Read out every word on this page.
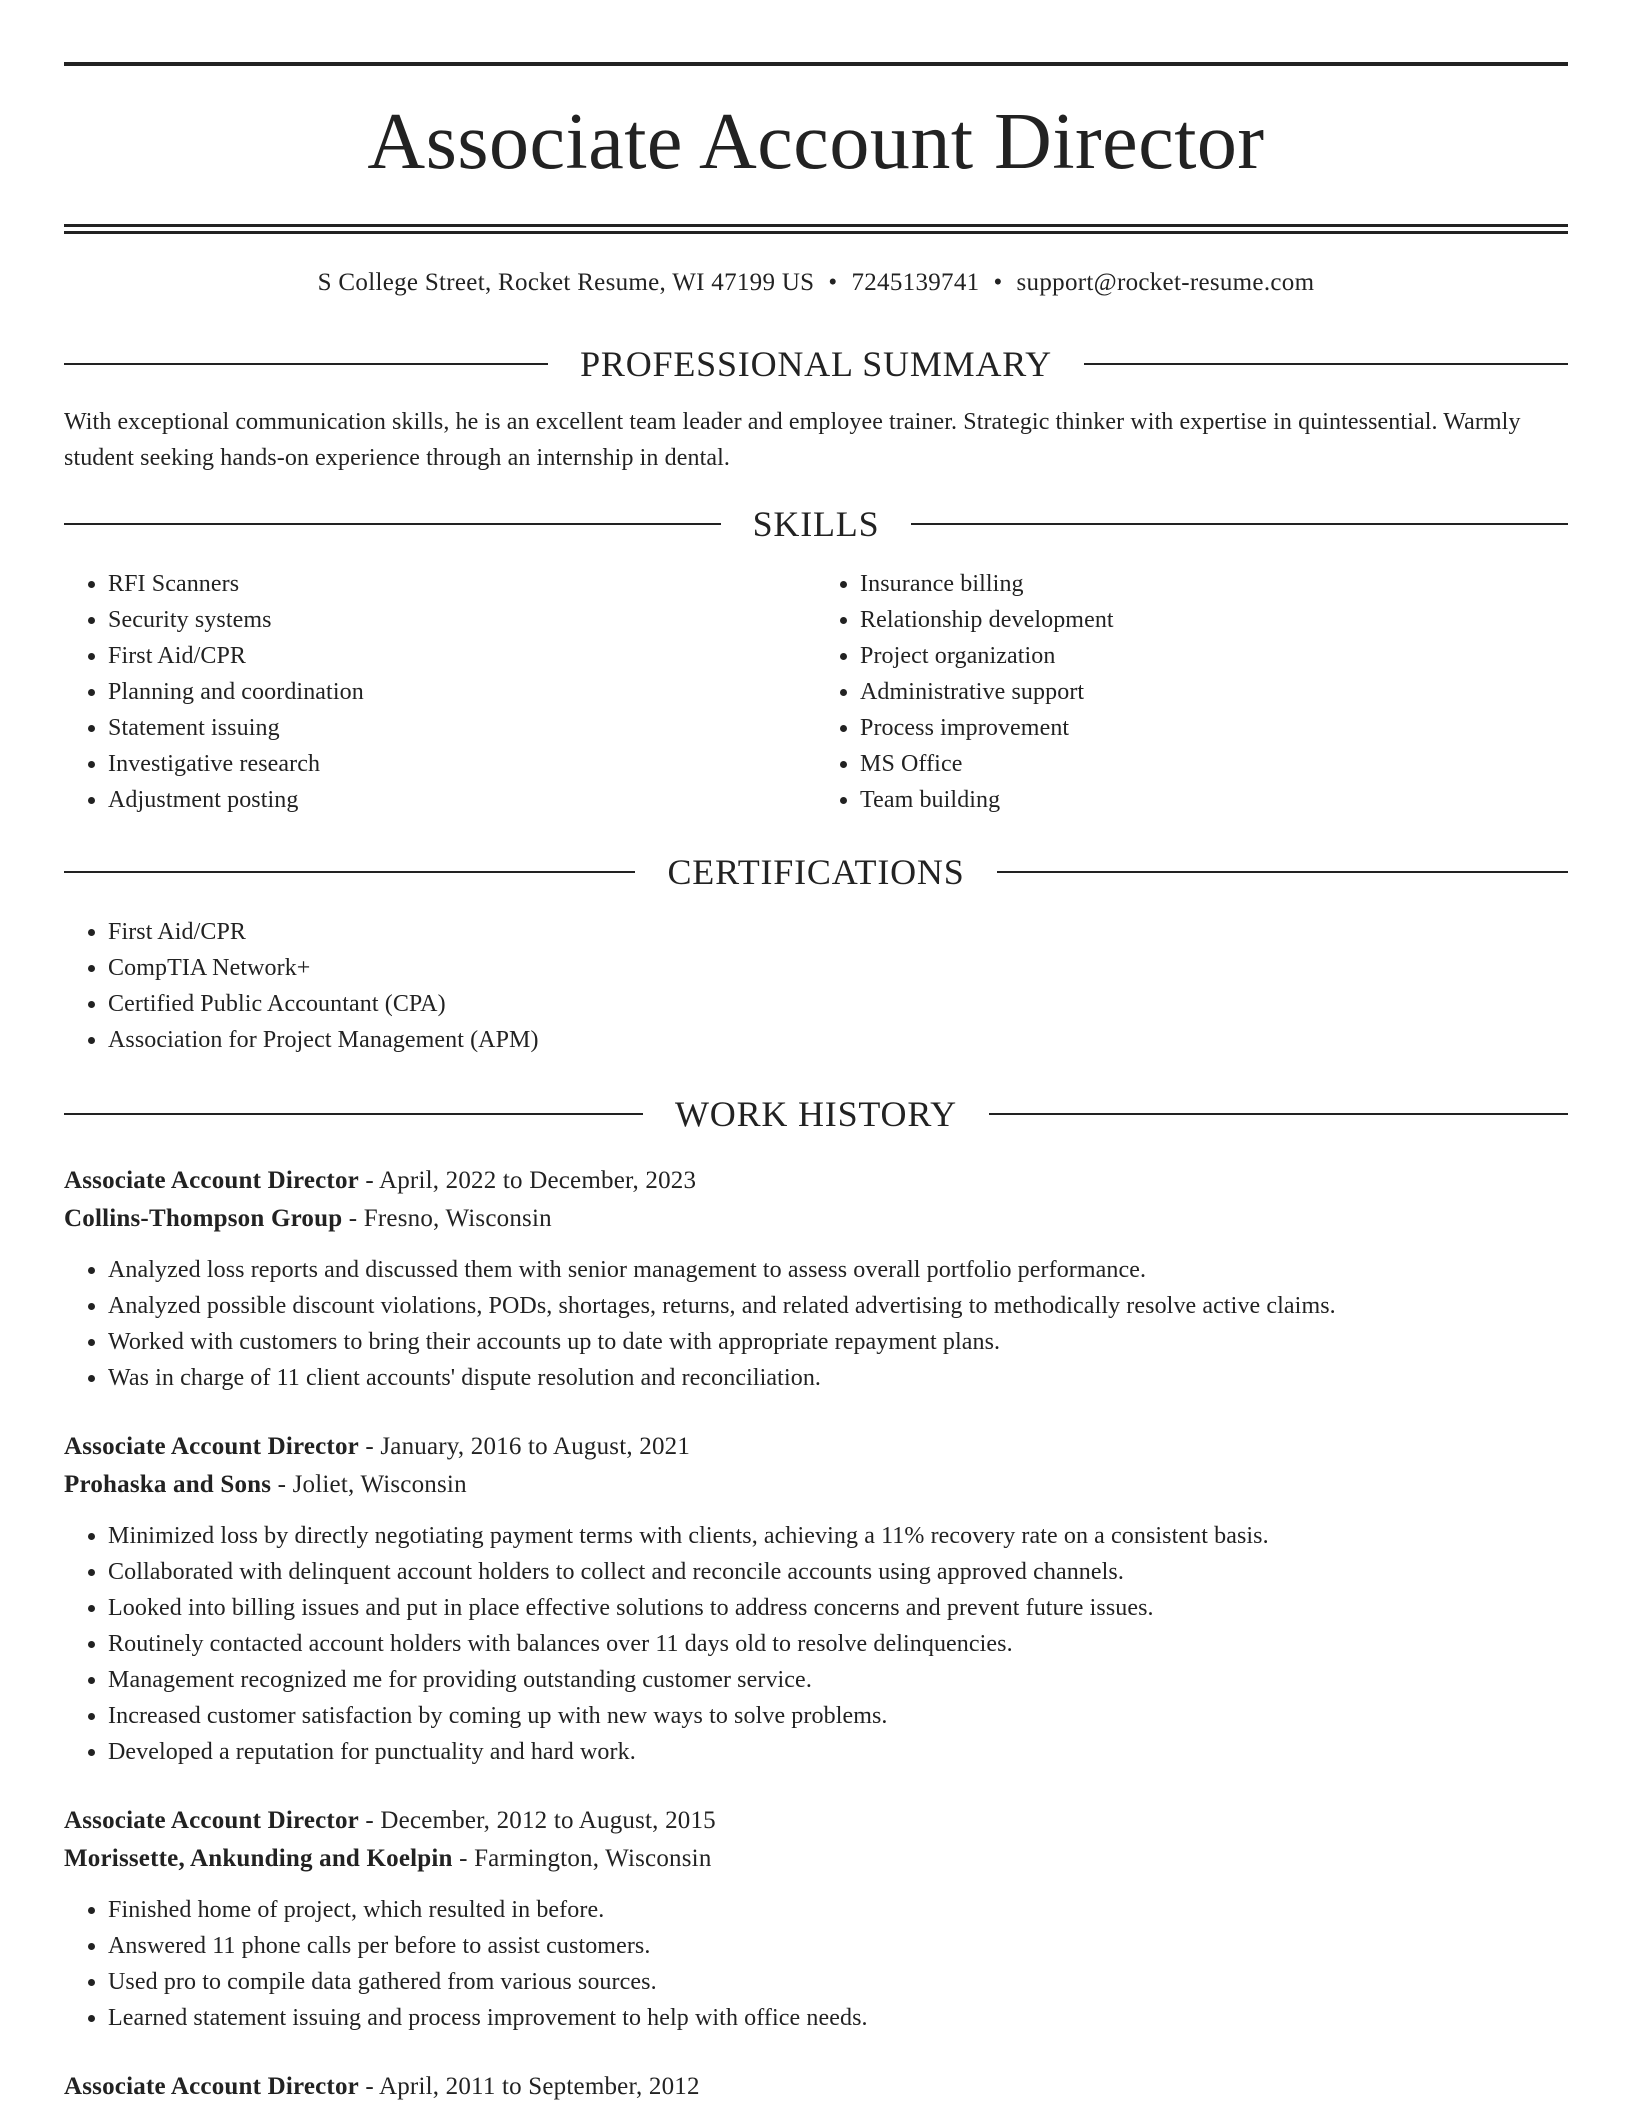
Associate Account Director
S College Street, Rocket Resume, WI 47199 US • 7245139741 • support@rocket-resume.com
PROFESSIONAL SUMMARY

With exceptional communication skills, he is an excellent team leader and employee trainer. Strategic thinker with expertise in quintessential. Warmly student seeking hands-on experience through an internship in dental.

SKILLS
• RFI Scanners
• Security systems
• First Aid/CPR
• Planning and coordination
• Statement issuing
• Investigative research
• Adjustment posting
• Insurance billing
• Relationship development
• Project organization
• Administrative support
• Process improvement
• MS Office
• Team building
CERTIFICATIONS
• First Aid/CPR
• CompTIA Network+
• Certified Public Accountant (CPA)
• Association for Project Management (APM)
WORK HISTORY
Associate Account Director - April, 2022 to December, 2023
Collins-Thompson Group - Fresno, Wisconsin
• Analyzed loss reports and discussed them with senior management to assess overall portfolio performance.
• Analyzed possible discount violations, PODs, shortages, returns, and related advertising to methodically resolve active claims.
• Worked with customers to bring their accounts up to date with appropriate repayment plans.
• Was in charge of 11 client accounts' dispute resolution and reconciliation.
Associate Account Director - January, 2016 to August, 2021
Prohaska and Sons - Joliet, Wisconsin
• Minimized loss by directly negotiating payment terms with clients, achieving a 11% recovery rate on a consistent basis.
• Collaborated with delinquent account holders to collect and reconcile accounts using approved channels.
• Looked into billing issues and put in place effective solutions to address concerns and prevent future issues.
• Routinely contacted account holders with balances over 11 days old to resolve delinquencies.
• Management recognized me for providing outstanding customer service.
• Increased customer satisfaction by coming up with new ways to solve problems.
• Developed a reputation for punctuality and hard work.
Associate Account Director - December, 2012 to August, 2015
Morissette, Ankunding and Koelpin - Farmington, Wisconsin
• Finished home of project, which resulted in before.
• Answered 11 phone calls per before to assist customers.
• Used pro to compile data gathered from various sources.
• Learned statement issuing and process improvement to help with office needs.
Associate Account Director - April, 2011 to September, 2012
